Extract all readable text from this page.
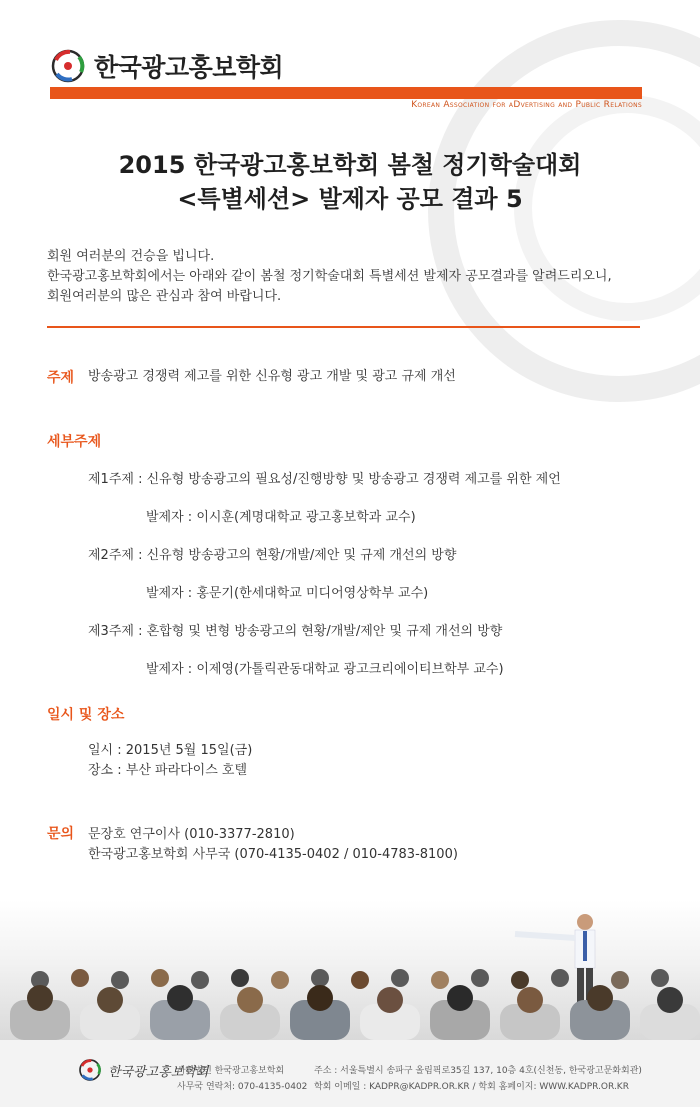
한국광고홍보학회
Korean Association for aDvertising and Public Relations
2015 한국광고홍보학회 봄철 정기학술대회
<특별세션> 발제자 공모 결과 5
회원 여러분의 건승을 빕니다.
한국광고홍보학회에서는 아래와 같이 봄철 정기학술대회 특별세션 발제자 공모결과를 알려드리오니,
회원여러분의 많은 관심과 참여 바랍니다.
주제 방송광고 경쟁력 제고를 위한 신유형 광고 개발 및 광고 규제 개선
세부주제
제1주제 : 신유형 방송광고의 필요성/진행방향 및 방송광고 경쟁력 제고를 위한 제언
발제자 : 이시훈(계명대학교 광고홍보학과 교수)
제2주제 : 신유형 방송광고의 현황/개발/제안 및 규제 개선의 방향
발제자 : 홍문기(한세대학교 미디어영상학부 교수)
제3주제 : 혼합형 및 변형 방송광고의 현황/개발/제안 및 규제 개선의 방향
발제자 : 이제영(가톨릭관동대학교 광고크리에이티브학부 교수)
일시 및 장소
일시 : 2015년 5월 15일(금)
장소 : 부산 파라다이스 호텔
문의 문장호 연구이사 (010-3377-2810)
한국광고홍보학회 사무국 (070-4135-0402 / 010-4783-8100)
한국광고홍보학회
사단법인 한국광고홍보학회
사무국 연락처: 070-4135-0402
주소 : 서울특별시 송파구 올림픽로35길 137, 10층 4호(신천동, 한국광고문화회관)
학회 이메일 : KADPR@KADPR.OR.KR / 학회 홈페이지: WWW.KADPR.OR.KR
